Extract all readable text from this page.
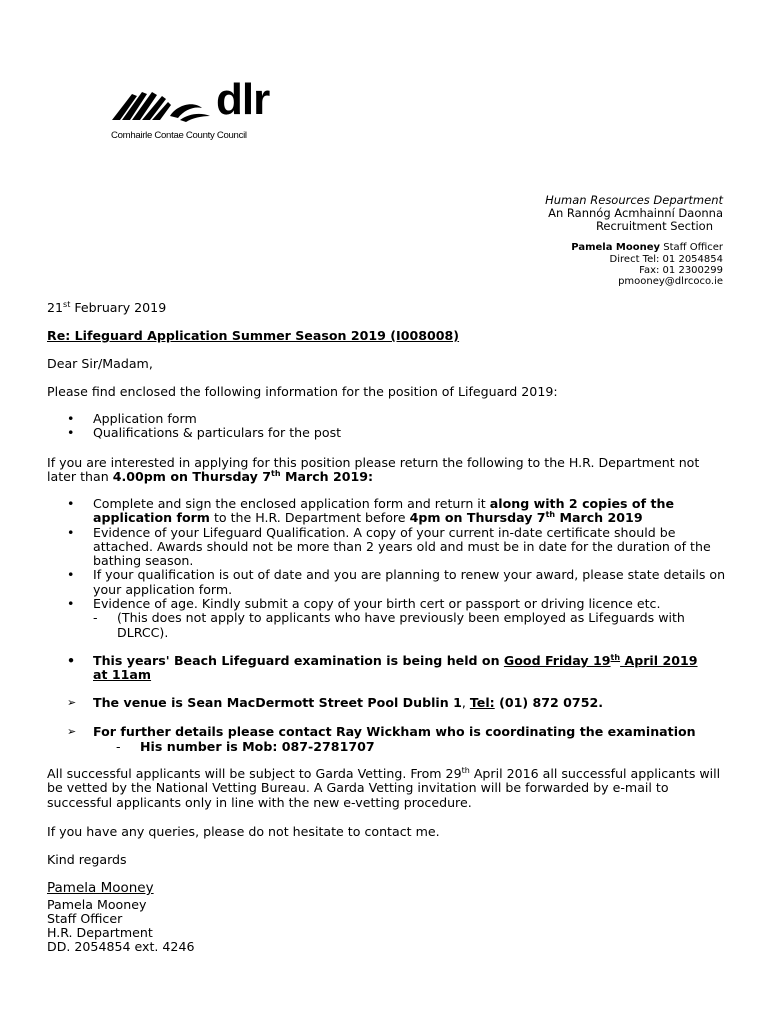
dlr
Comhairle Contae County Council
Human Resources Department
An Rannóg Acmhainní Daonna
Recruitment Section
Pamela Mooney Staff Officer
Direct Tel: 01 2054854
Fax: 01 2300299
pmooney@dlrcoco.ie
21st February 2019
Re: Lifeguard Application Summer Season 2019 (I008008)
Dear Sir/Madam,
Please find enclosed the following information for the position of Lifeguard 2019:
• Application form
• Qualifications & particulars for the post
If you are interested in applying for this position please return the following to the H.R. Department not
later than 4.00pm on Thursday 7th March 2019:
• Complete and sign the enclosed application form and return it along with 2 copies of the application form to the H.R. Department before 4pm on Thursday 7th March 2019
• Evidence of your Lifeguard Qualification. A copy of your current in-date certificate should be attached. Awards should not be more than 2 years old and must be in date for the duration of the bathing season.
• If your qualification is out of date and you are planning to renew your award, please state details on your application form.
• Evidence of age. Kindly submit a copy of your birth cert or passport or driving licence etc.
- (This does not apply to applicants who have previously been employed as Lifeguards with DLRCC).
• This years' Beach Lifeguard examination is being held on Good Friday 19th April 2019
at 11am
➢ The venue is Sean MacDermott Street Pool Dublin 1, Tel: (01) 872 0752.
➢ For further details please contact Ray Wickham who is coordinating the examination
- His number is Mob: 087-2781707
All successful applicants will be subject to Garda Vetting. From 29th April 2016 all successful applicants will be vetted by the National Vetting Bureau. A Garda Vetting invitation will be forwarded by e-mail to successful applicants only in line with the new e-vetting procedure.
If you have any queries, please do not hesitate to contact me.
Kind regards
Pamela Mooney
Pamela Mooney
Staff Officer
H.R. Department
DD. 2054854 ext. 4246
